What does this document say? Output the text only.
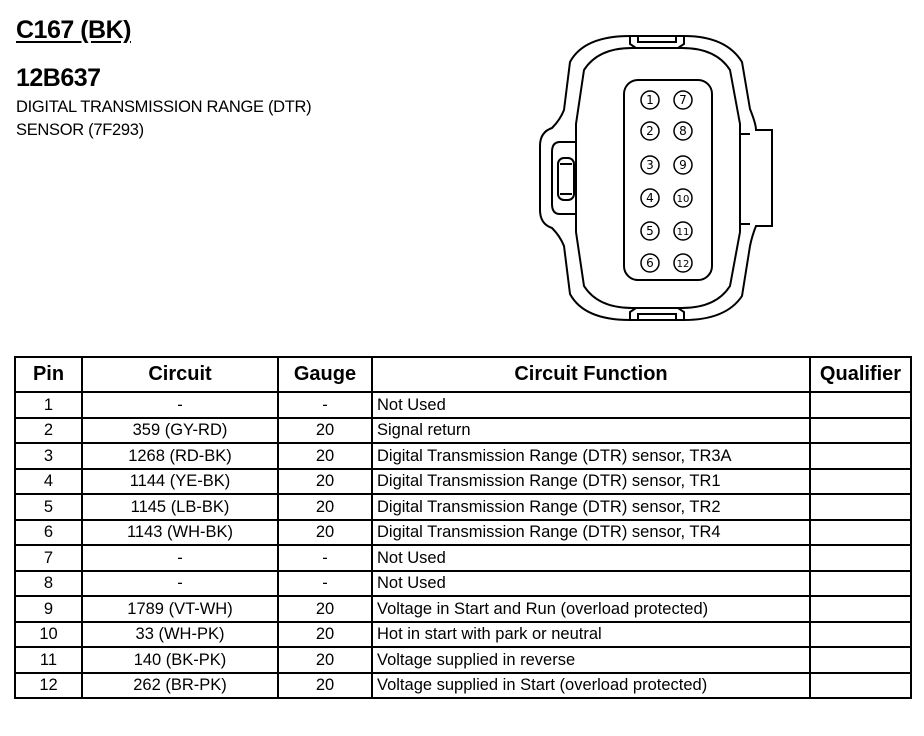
C167 (BK)
12B637
DIGITAL TRANSMISSION RANGE (DTR)
SENSOR (7F293)
1
2
3
4
5
6
7
8
9
10
11
12
Pin	Circuit	Gauge	Circuit Function	Qualifier
1	-	-	Not Used	
2	359 (GY-RD)	20	Signal return	
3	1268 (RD-BK)	20	Digital Transmission Range (DTR) sensor, TR3A	
4	1144 (YE-BK)	20	Digital Transmission Range (DTR) sensor, TR1	
5	1145 (LB-BK)	20	Digital Transmission Range (DTR) sensor, TR2	
6	1143 (WH-BK)	20	Digital Transmission Range (DTR) sensor, TR4	
7	-	-	Not Used	
8	-	-	Not Used	
9	1789 (VT-WH)	20	Voltage in Start and Run (overload protected)	
10	33 (WH-PK)	20	Hot in start with park or neutral	
11	140 (BK-PK)	20	Voltage supplied in reverse	
12	262 (BR-PK)	20	Voltage supplied in Start (overload protected)	
